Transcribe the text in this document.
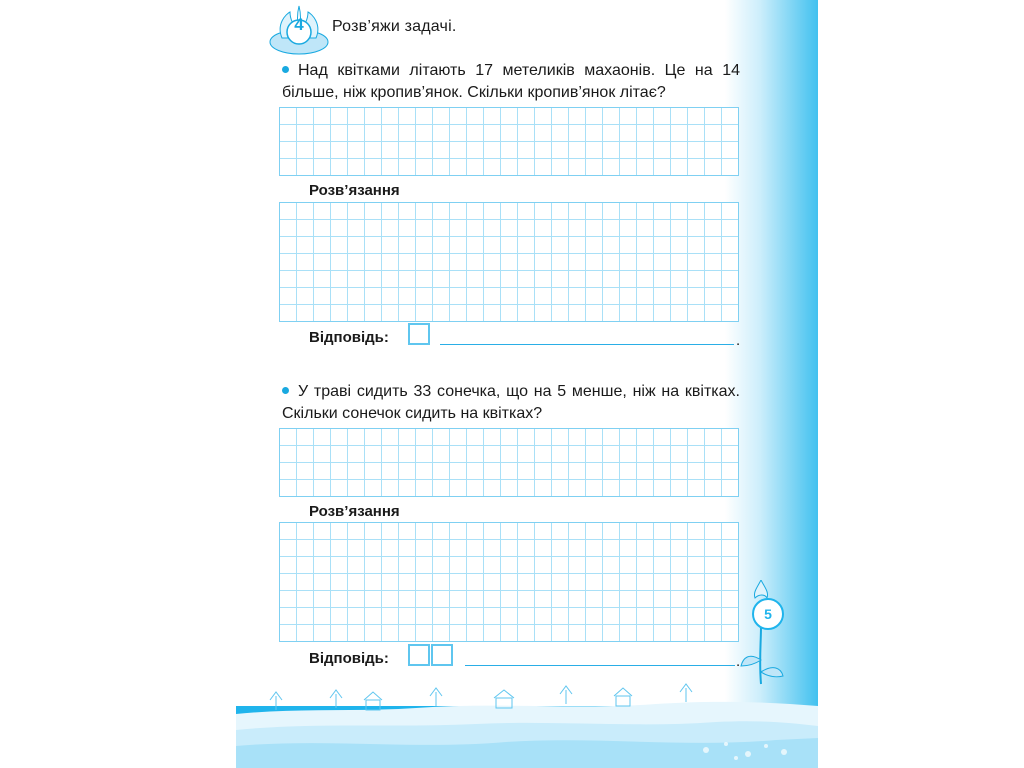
4	Розв’яжи задачі.
Над квітками літають 17 метеликів махаонів. Це на 14 більше, ніж кропив’янок. Скільки кропив’янок літає?
Розв’язання
Відповідь:	.
У траві сидить 33 сонечка, що на 5 менше, ніж на квітках. Скільки сонечок сидить на квітках?
Розв’язання
Відповідь:	.
5
